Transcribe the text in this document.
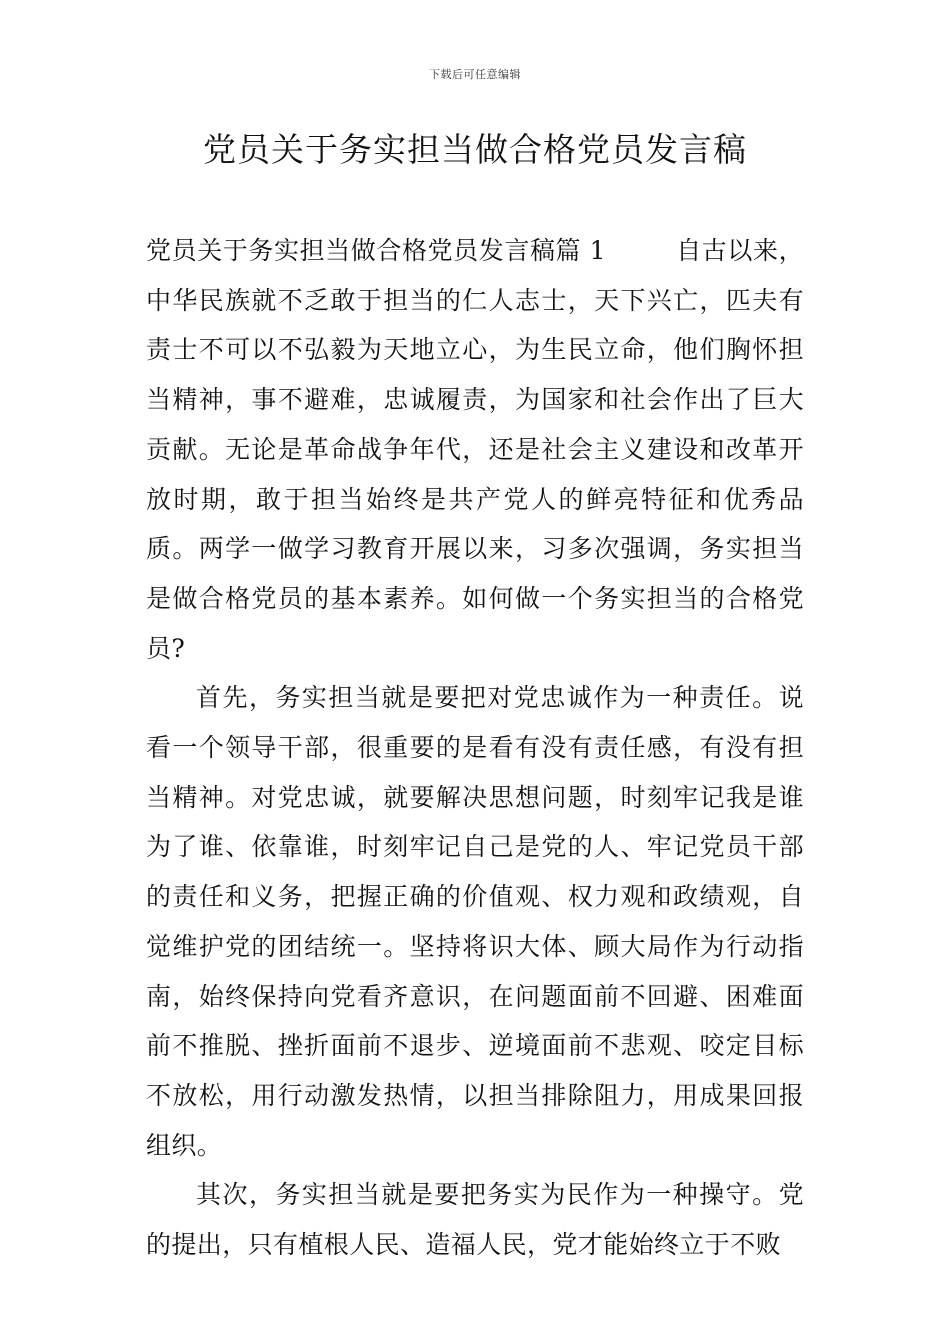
下载后可任意编辑
党员关于务实担当做合格党员发言稿

党员关于务实担当做合格党员发言稿篇 1	自古以来，中华民族就不乏敢于担当的仁人志士，天下兴亡，匹夫有责士不可以不弘毅为天地立心，为生民立命，他们胸怀担当精神，事不避难，忠诚履责，为国家和社会作出了巨大贡献。无论是革命战争年代，还是社会主义建设和改革开放时期，敢于担当始终是共产党人的鲜亮特征和优秀品质。两学一做学习教育开展以来，习多次强调，务实担当是做合格党员的基本素养。如何做一个务实担当的合格党员?

首先，务实担当就是要把对党忠诚作为一种责任。说看一个领导干部，很重要的是看有没有责任感，有没有担当精神。对党忠诚，就要解决思想问题，时刻牢记我是谁为了谁、依靠谁，时刻牢记自己是党的人、牢记党员干部的责任和义务，把握正确的价值观、权力观和政绩观，自觉维护党的团结统一。坚持将识大体、顾大局作为行动指南，始终保持向党看齐意识，在问题面前不回避、困难面前不推脱、挫折面前不退步、逆境面前不悲观、咬定目标不放松，用行动激发热情，以担当排除阻力，用成果回报组织。

其次，务实担当就是要把务实为民作为一种操守。党的提出，只有植根人民、造福人民，党才能始终立于不败
